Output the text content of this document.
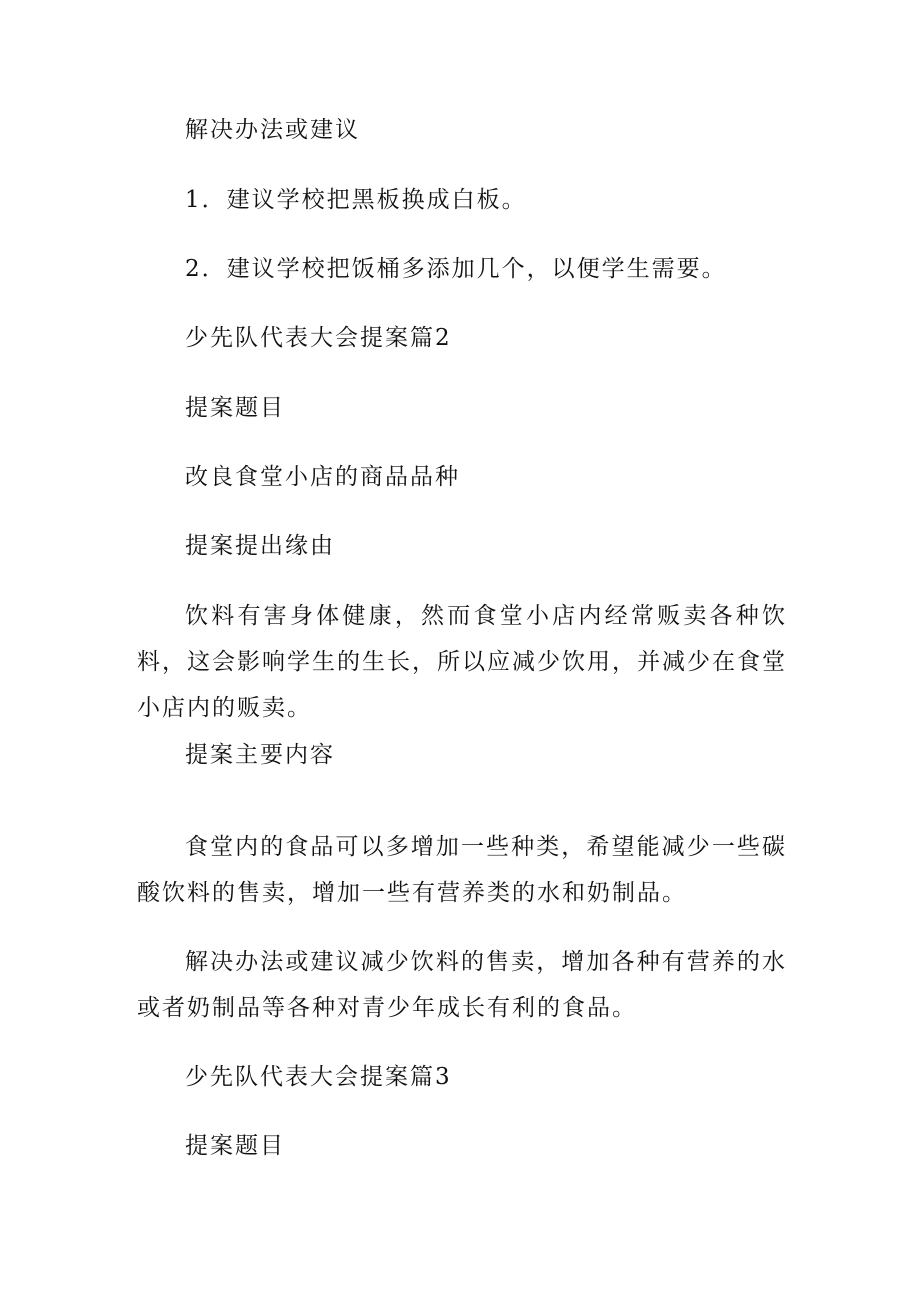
解决办法或建议

1．建议学校把黑板换成白板。

2．建议学校把饭桶多添加几个，以便学生需要。

少先队代表大会提案篇2

提案题目

改良食堂小店的商品品种

提案提出缘由

饮料有害身体健康，然而食堂小店内经常贩卖各种饮料，这会影响学生的生长，所以应减少饮用，并减少在食堂小店内的贩卖。

提案主要内容

食堂内的食品可以多增加一些种类，希望能减少一些碳酸饮料的售卖，增加一些有营养类的水和奶制品。

解决办法或建议减少饮料的售卖，增加各种有营养的水或者奶制品等各种对青少年成长有利的食品。

少先队代表大会提案篇3

提案题目
